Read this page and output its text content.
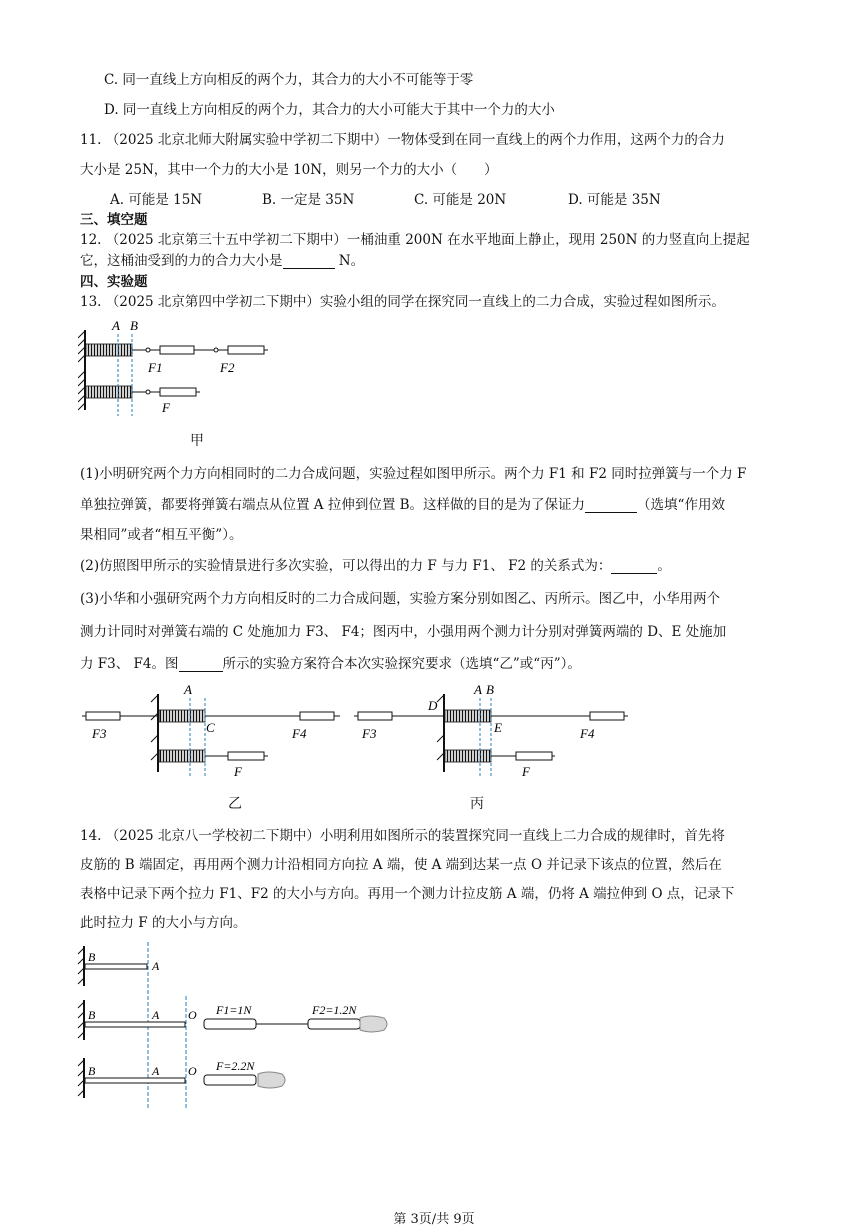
C. 同一直线上方向相反的两个力，其合力的大小不可能等于零
D. 同一直线上方向相反的两个力，其合力的大小可能大于其中一个力的大小
11. （2025 北京北师大附属实验中学初二下期中）一物体受到在同一直线上的两个力作用，这两个力的合力
大小是 25N，其中一个力的大小是 10N，则另一个力的大小（　　）
A. 可能是 15N	B. 一定是 35N	C. 可能是 20N	D. 可能是 35N
三、填空题
12. （2025 北京第三十五中学初二下期中）一桶油重 200N 在水平地面上静止，现用 250N 的力竖直向上提起
它，这桶油受到的力的合力大小是	N。
四、实验题
13. （2025 北京第四中学初二下期中）实验小组的同学在探究同一直线上的二力合成，实验过程如图所示。
A B
F1	F2
F
甲
(1)小明研究两个力方向相同时的二力合成问题，实验过程如图甲所示。两个力 F1 和 F2 同时拉弹簧与一个力 F
单独拉弹簧，都要将弹簧右端点从位置 A 拉伸到位置 B。这样做的目的是为了保证力	（选填“作用效
果相同”或者“相互平衡”）。
(2)仿照图甲所示的实验情景进行多次实验，可以得出的力 F 与力 F1、 F2 的关系式为：	。
(3)小华和小强研究两个力方向相反时的二力合成问题，实验方案分别如图乙、丙所示。图乙中，小华用两个
测力计同时对弹簧右端的 C 处施加力 F3、 F4；图丙中，小强用两个测力计分别对弹簧两端的 D、E 处施加
力 F3、 F4。图	所示的实验方案符合本次实验探究要求（选填“乙”或“丙”）。
A
C
F3	F4
F
乙
A B
D
E
F3	F4
F
丙
14. （2025 北京八一学校初二下期中）小明利用如图所示的装置探究同一直线上二力合成的规律时，首先将
皮筋的 B 端固定，再用两个测力计沿相同方向拉 A 端，使 A 端到达某一点 O 并记录下该点的位置，然后在
表格中记录下两个拉力 F1、F2 的大小与方向。再用一个测力计拉皮筋 A 端，仍将 A 端拉伸到 O 点，记录下
此时拉力 F 的大小与方向。
B
A
B	A O F1=1N	F2=1.2N
B	A O F=2.2N
第 3页/共 9页
